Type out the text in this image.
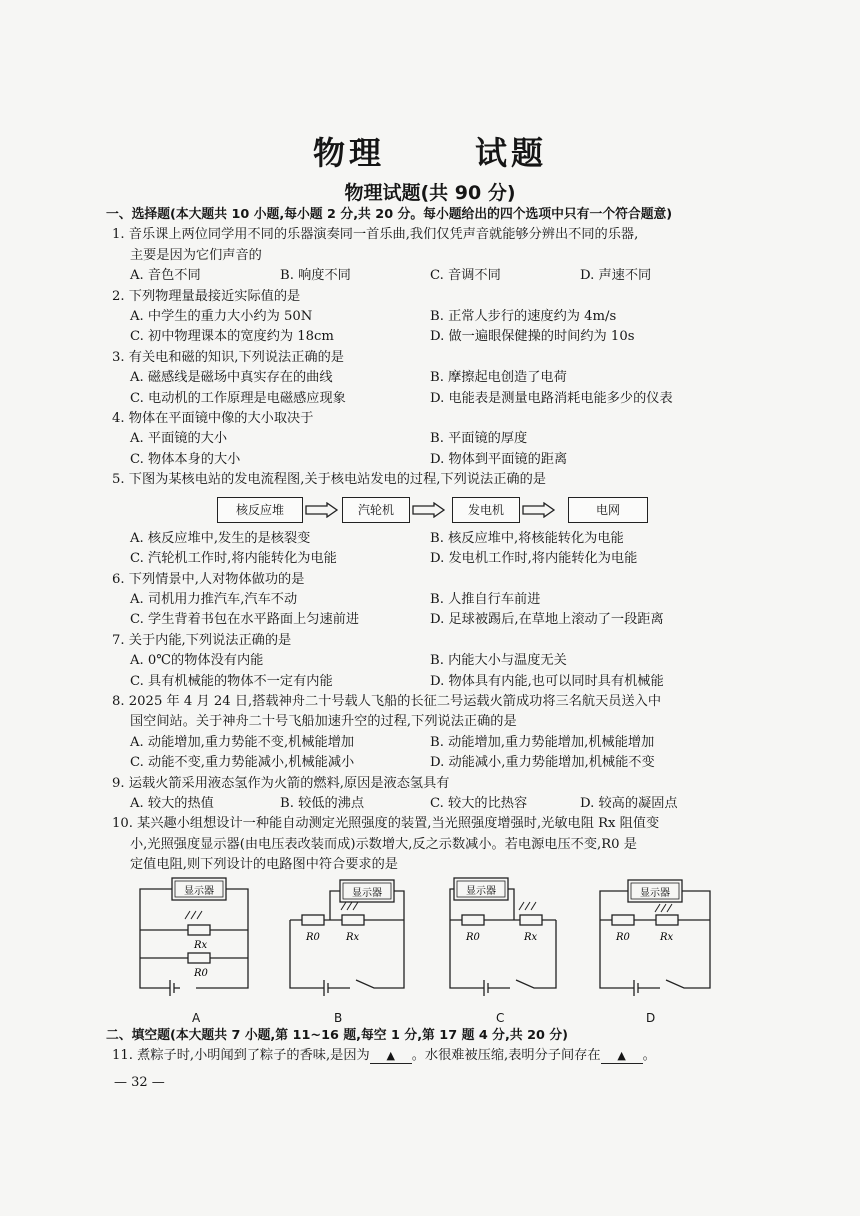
物理	试题
物理试题(共 90 分)
一、选择题(本大题共 10 小题,每小题 2 分,共 20 分。每小题给出的四个选项中只有一个符合题意)
1. 音乐课上两位同学用不同的乐器演奏同一首乐曲,我们仅凭声音就能够分辨出不同的乐器,
主要是因为它们声音的
A. 音色不同	B. 响度不同	C. 音调不同	D. 声速不同
2. 下列物理量最接近实际值的是
A. 中学生的重力大小约为 50N	B. 正常人步行的速度约为 4m/s
C. 初中物理课本的宽度约为 18cm	D. 做一遍眼保健操的时间约为 10s
3. 有关电和磁的知识,下列说法正确的是
A. 磁感线是磁场中真实存在的曲线	B. 摩擦起电创造了电荷
C. 电动机的工作原理是电磁感应现象	D. 电能表是测量电路消耗电能多少的仪表
4. 物体在平面镜中像的大小取决于
A. 平面镜的大小	B. 平面镜的厚度
C. 物体本身的大小	D. 物体到平面镜的距离
5. 下图为某核电站的发电流程图,关于核电站发电的过程,下列说法正确的是
核反应堆	汽轮机	发电机	电网
A. 核反应堆中,发生的是核裂变	B. 核反应堆中,将核能转化为电能
C. 汽轮机工作时,将内能转化为电能	D. 发电机工作时,将内能转化为电能
6. 下列情景中,人对物体做功的是
A. 司机用力推汽车,汽车不动	B. 人推自行车前进
C. 学生背着书包在水平路面上匀速前进	D. 足球被踢后,在草地上滚动了一段距离
7. 关于内能,下列说法正确的是
A. 0℃的物体没有内能	B. 内能大小与温度无关
C. 具有机械能的物体不一定有内能	D. 物体具有内能,也可以同时具有机械能
8. 2025 年 4 月 24 日,搭载神舟二十号载人飞船的长征二号运载火箭成功将三名航天员送入中
国空间站。关于神舟二十号飞船加速升空的过程,下列说法正确的是
A. 动能增加,重力势能不变,机械能增加	B. 动能增加,重力势能增加,机械能增加
C. 动能不变,重力势能减小,机械能减小	D. 动能减小,重力势能增加,机械能不变
9. 运载火箭采用液态氢作为火箭的燃料,原因是液态氢具有
A. 较大的热值	B. 较低的沸点	C. 较大的比热容	D. 较高的凝固点
10. 某兴趣小组想设计一种能自动测定光照强度的装置,当光照强度增强时,光敏电阻 Rx 阻值变
小,光照强度显示器(由电压表改装而成)示数增大,反之示数减小。若电源电压不变,R0 是
定值电阻,则下列设计的电路图中符合要求的是
显示器
Rx
R0
A
显示器
R0	Rx
B
显示器
R0	Rx
C
显示器
R0	Rx
D
二、填空题(本大题共 7 小题,第 11~16 题,每空 1 分,第 17 题 4 分,共 20 分)
11. 煮粽子时,小明闻到了粽子的香味,是因为 ▲ 。水很难被压缩,表明分子间存在 ▲ 。
— 32 —
